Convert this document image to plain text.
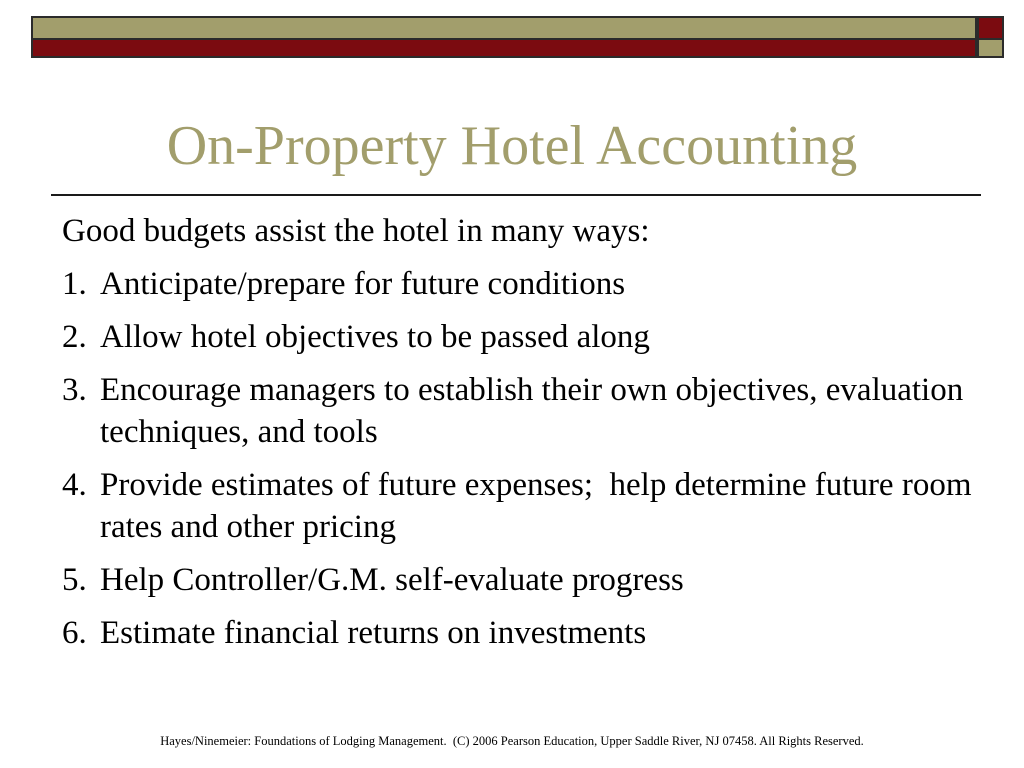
On-Property Hotel Accounting

Good budgets assist the hotel in many ways:

1. Anticipate/prepare for future conditions

2. Allow hotel objectives to be passed along

3. Encourage managers to establish their own objectives, evaluation techniques, and tools

4. Provide estimates of future expenses;  help determine future room rates and other pricing

5. Help Controller/G.M. self-evaluate progress

6. Estimate financial returns on investments

Hayes/Ninemeier: Foundations of Lodging Management.  (C) 2006 Pearson Education, Upper Saddle River, NJ 07458. All Rights Reserved.
